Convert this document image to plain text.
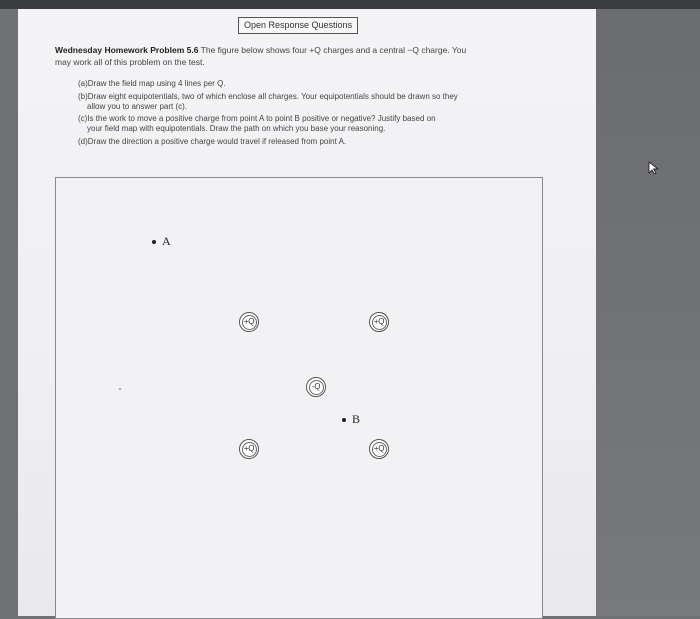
Open Response Questions
Wednesday Homework Problem 5.6 The figure below shows four +Q charges and a central −Q charge. You
may work all of this problem on the test.
(a)Draw the field map using 4 lines per Q.
(b)Draw eight equipotentials, two of which enclose all charges. Your equipotentials should be drawn so they
allow you to answer part (c).
(c)Is the work to move a positive charge from point A to point B positive or negative? Justify based on
your field map with equipotentials. Draw the path on which you base your reasoning.
(d)Draw the direction a positive charge would travel if released from point A.
A
B
+Q	+Q
-Q
+Q	+Q
